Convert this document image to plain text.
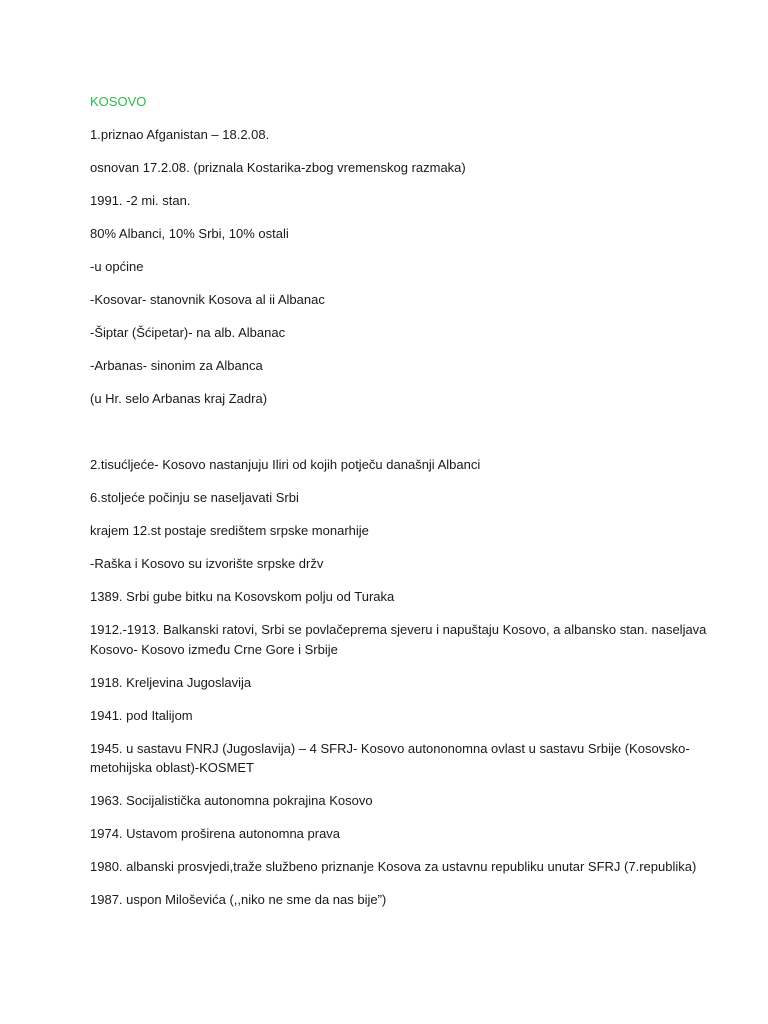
KOSOVO

1.priznao Afganistan – 18.2.08.

osnovan 17.2.08. (priznala Kostarika-zbog vremenskog razmaka)

1991. -2 mi. stan.

80% Albanci, 10% Srbi, 10% ostali

-u općine

-Kosovar- stanovnik Kosova al ii Albanac

-Šiptar (Šćipetar)- na alb. Albanac

-Arbanas- sinonim za Albanca

(u Hr. selo Arbanas kraj Zadra)

2.tisućljeće- Kosovo nastanjuju Iliri od kojih potječu današnji Albanci

6.stoljeće počinju se naseljavati Srbi

krajem 12.st postaje središtem srpske monarhije

-Raška i Kosovo su izvorište srpske držv

1389. Srbi gube bitku na Kosovskom polju od Turaka

1912.-1913. Balkanski ratovi, Srbi se povlačeprema sjeveru i napuštaju Kosovo, a albansko stan. naseljava Kosovo- Kosovo između Crne Gore i Srbije

1918. Kreljevina Jugoslavija

1941. pod Italijom

1945. u sastavu FNRJ (Jugoslavija) – 4 SFRJ- Kosovo autononomna ovlast u sastavu Srbije (Kosovsko-metohijska oblast)-KOSMET

1963. Socijalistička autonomna pokrajina Kosovo

1974. Ustavom proširena autonomna prava

1980. albanski prosvjedi,traže službeno priznanje Kosova za ustavnu republiku unutar SFRJ (7.republika)

1987. uspon Miloševića (,,niko ne sme da nas bije”)
